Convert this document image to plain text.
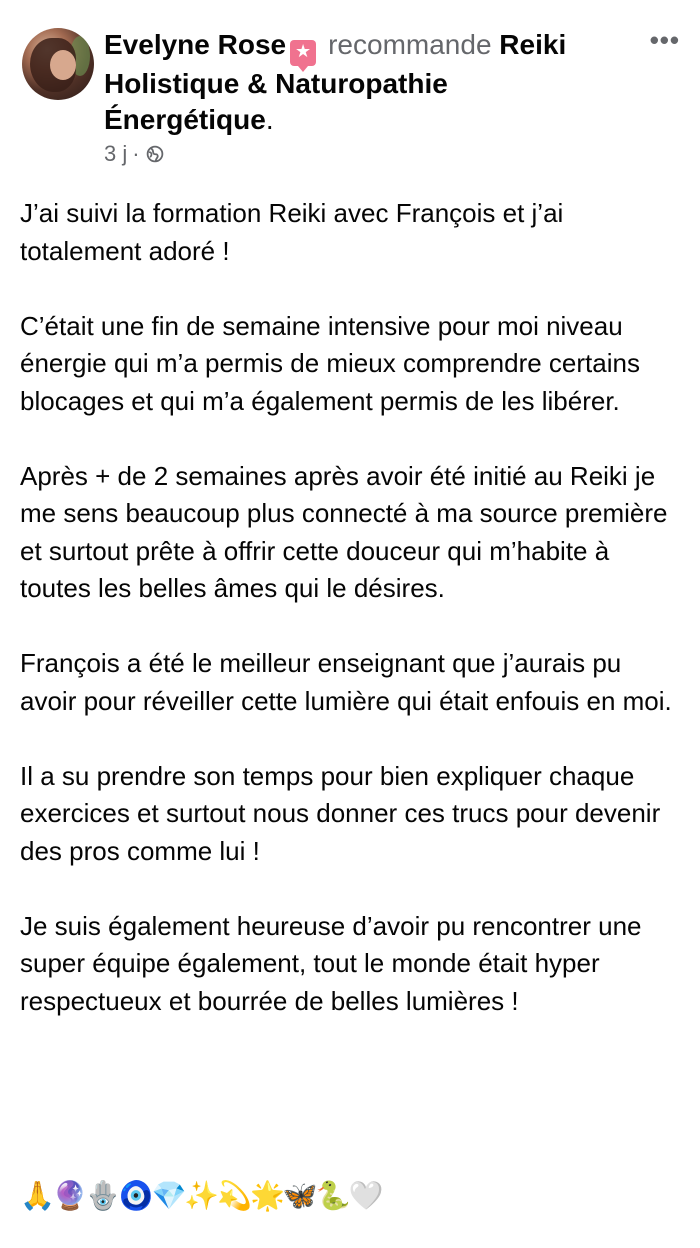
Evelyne Rose ★ recommande Reiki Holistique & Naturopathie Énergétique.
•••
3 j ·

J’ai suivi la formation Reiki avec François et j’ai totalement adoré !

C’était une fin de semaine intensive pour moi niveau énergie qui m’a permis de mieux comprendre certains blocages et qui m’a également permis de les libérer.

Après + de 2 semaines après avoir été initié au Reiki je me sens beaucoup plus connecté à ma source première et surtout prête à offrir cette douceur qui m’habite à toutes les belles âmes qui le désires.

François a été le meilleur enseignant que j’aurais pu avoir pour réveiller cette lumière qui était enfouis en moi.

Il a su prendre son temps pour bien expliquer chaque exercices et surtout nous donner ces trucs pour devenir des pros comme lui !

Je suis également heureuse d’avoir pu rencontrer une super équipe également, tout le monde était hyper respectueux et bourrée de belles lumières !

🙏🔮🪬🧿💎✨💫🌟🦋🐍🤍
